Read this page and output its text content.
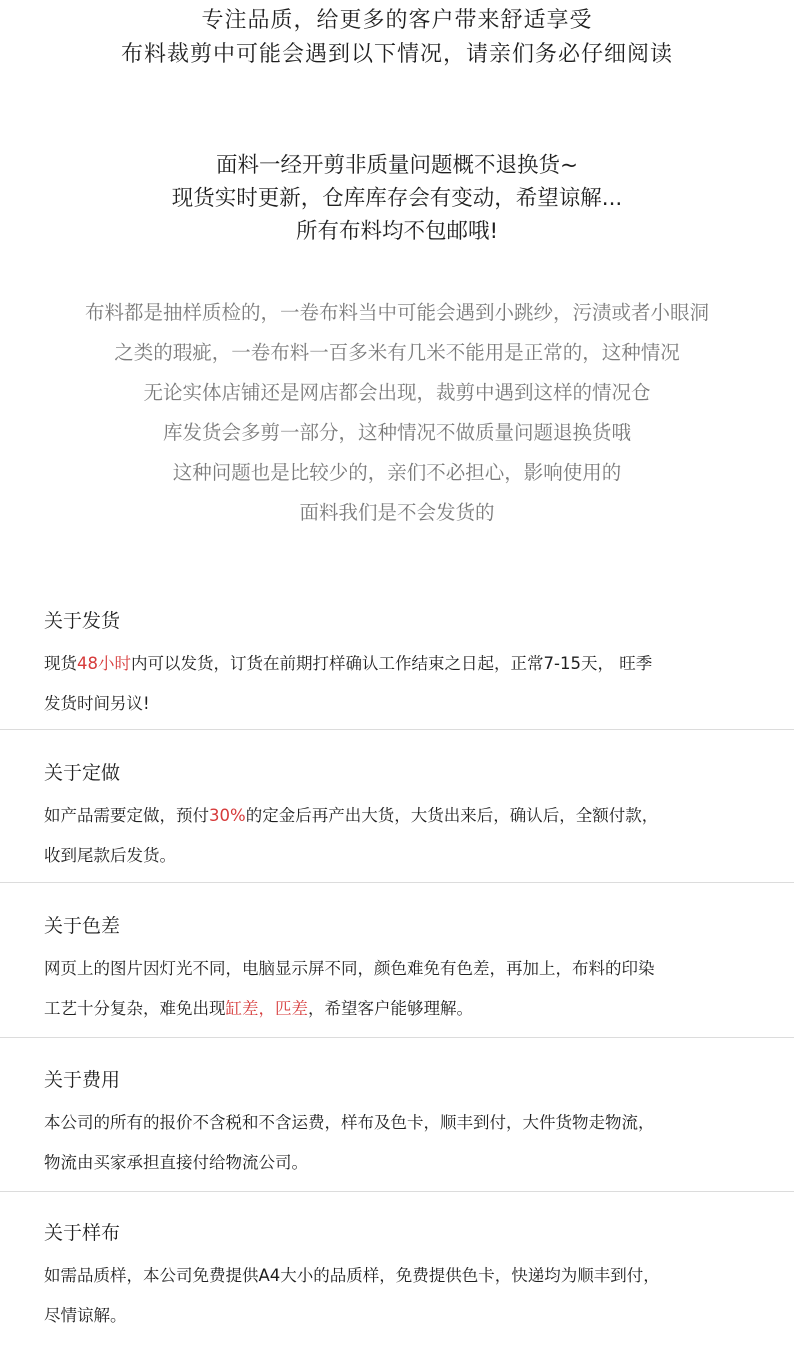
专注品质，给更多的客户带来舒适享受
布料裁剪中可能会遇到以下情况，请亲们务必仔细阅读
面料一经开剪非质量问题概不退换货~
现货实时更新，仓库库存会有变动，希望谅解...
所有布料均不包邮哦!
布料都是抽样质检的，一卷布料当中可能会遇到小跳纱，污渍或者小眼洞
之类的瑕疵，一卷布料一百多米有几米不能用是正常的，这种情况
无论实体店铺还是网店都会出现，裁剪中遇到这样的情况仓
库发货会多剪一部分，这种情况不做质量问题退换货哦
这种问题也是比较少的，亲们不必担心，影响使用的
面料我们是不会发货的
关于发货
现货48小时内可以发货，订货在前期打样确认工作结束之日起，正常7-15天， 旺季
发货时间另议!
关于定做
如产品需要定做，预付30%的定金后再产出大货，大货出来后，确认后，全额付款，
收到尾款后发货。
关于色差
网页上的图片因灯光不同，电脑显示屏不同，颜色难免有色差，再加上，布料的印染
工艺十分复杂，难免出现缸差，匹差，希望客户能够理解。
关于费用
本公司的所有的报价不含税和不含运费，样布及色卡，顺丰到付，大件货物走物流，
物流由买家承担直接付给物流公司。
关于样布
如需品质样，本公司免费提供A4大小的品质样，免费提供色卡，快递均为顺丰到付，
尽情谅解。
